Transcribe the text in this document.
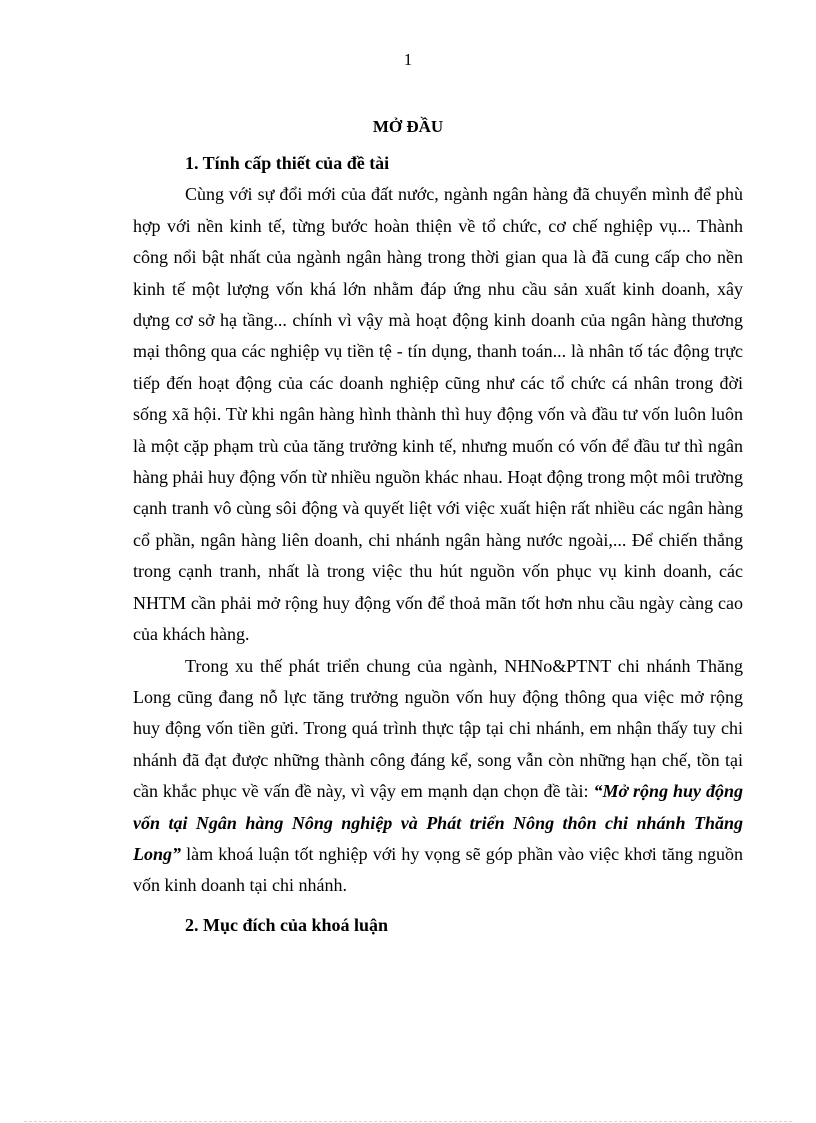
1
MỞ ĐẦU

1. Tính cấp thiết của đề tài

Cùng với sự đổi mới của đất nước, ngành ngân hàng đã chuyển mình để phù hợp với nền kinh tế, từng bước hoàn thiện về tổ chức, cơ chế nghiệp vụ... Thành công nổi bật nhất của ngành ngân hàng trong thời gian qua là đã cung cấp cho nền kinh tế một lượng vốn khá lớn nhằm đáp ứng nhu cầu sản xuất kinh doanh, xây dựng cơ sở hạ tầng... chính vì vậy mà hoạt động kinh doanh của ngân hàng thương mại thông qua các nghiệp vụ tiền tệ - tín dụng, thanh toán... là nhân tố tác động trực tiếp đến hoạt động của các doanh nghiệp cũng như các tổ chức cá nhân trong đời sống xã hội. Từ khi ngân hàng hình thành thì huy động vốn và đầu tư vốn luôn luôn là một cặp phạm trù của tăng trưởng kinh tế, nhưng muốn có vốn để đầu tư thì ngân hàng phải huy động vốn từ nhiều nguồn khác nhau. Hoạt động trong một môi trường cạnh tranh vô cùng sôi động và quyết liệt với việc xuất hiện rất nhiều các ngân hàng cổ phần, ngân hàng liên doanh, chi nhánh ngân hàng nước ngoài,... Để chiến thắng trong cạnh tranh, nhất là trong việc thu hút nguồn vốn phục vụ kinh doanh, các NHTM cần phải mở rộng huy động vốn để thoả mãn tốt hơn nhu cầu ngày càng cao của khách hàng.

Trong xu thế phát triển chung của ngành, NHNo&PTNT chi nhánh Thăng Long cũng đang nỗ lực tăng trưởng nguồn vốn huy động thông qua việc mở rộng huy động vốn tiền gửi. Trong quá trình thực tập tại chi nhánh, em nhận thấy tuy chi nhánh đã đạt được những thành công đáng kể, song vẫn còn những hạn chế, tồn tại cần khắc phục về vấn đề này, vì vậy em mạnh dạn chọn đề tài: “Mở rộng huy động vốn tại Ngân hàng Nông nghiệp và Phát triển Nông thôn chi nhánh Thăng Long” làm khoá luận tốt nghiệp với hy vọng sẽ góp phần vào việc khơi tăng nguồn vốn kinh doanh tại chi nhánh.

2. Mục đích của khoá luận
